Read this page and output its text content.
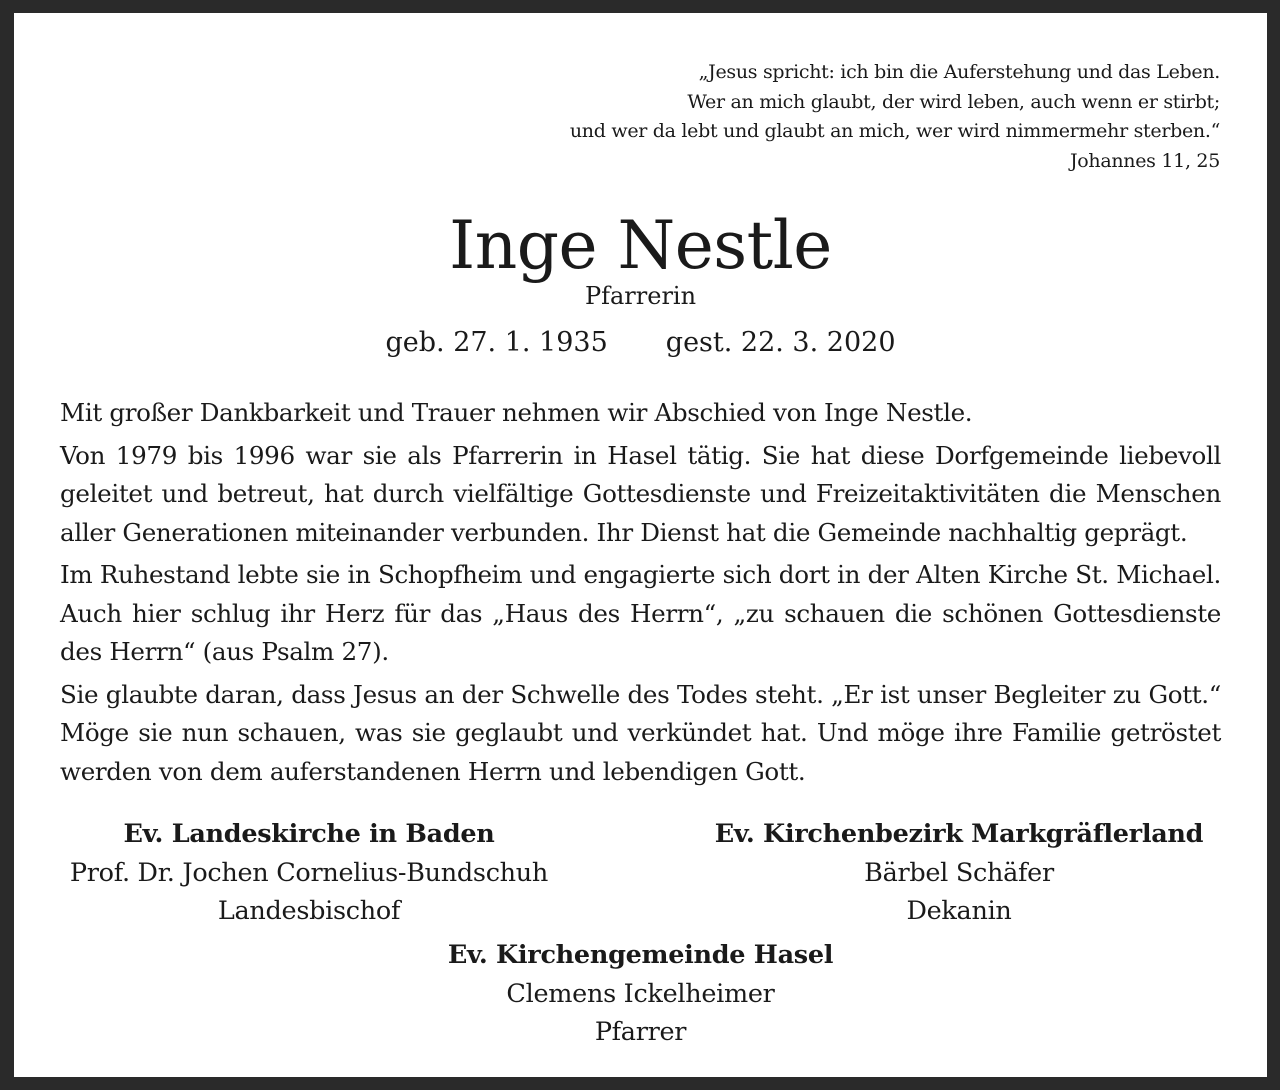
„Jesus spricht: ich bin die Auferstehung und das Leben.
Wer an mich glaubt, der wird leben, auch wenn er stirbt;
und wer da lebt und glaubt an mich, wer wird nimmermehr sterben.“
Johannes 11, 25
Inge Nestle
Pfarrerin
geb. 27. 1. 1935 gest. 22. 3. 2020

Mit großer Dankbarkeit und Trauer nehmen wir Abschied von Inge Nestle.

Von 1979 bis 1996 war sie als Pfarrerin in Hasel tätig. Sie hat diese Dorfgemeinde liebevoll geleitet und betreut, hat durch vielfältige Gottesdienste und Freizeitaktivitäten die Menschen aller Generationen miteinander verbunden. Ihr Dienst hat die Gemeinde nachhaltig geprägt.

Im Ruhestand lebte sie in Schopfheim und engagierte sich dort in der Alten Kirche St. Michael. Auch hier schlug ihr Herz für das „Haus des Herrn“, „zu schauen die schönen Gottesdienste des Herrn“ (aus Psalm 27).

Sie glaubte daran, dass Jesus an der Schwelle des Todes steht. „Er ist unser Begleiter zu Gott.“ Möge sie nun schauen, was sie geglaubt und verkündet hat. Und möge ihre Familie getröstet werden von dem auferstandenen Herrn und lebendigen Gott.

Ev. Landeskirche in Baden
Prof. Dr. Jochen Cornelius-Bundschuh
Landesbischof
Ev. Kirchenbezirk Markgräflerland
Bärbel Schäfer
Dekanin
Ev. Kirchengemeinde Hasel
Clemens Ickelheimer
Pfarrer
